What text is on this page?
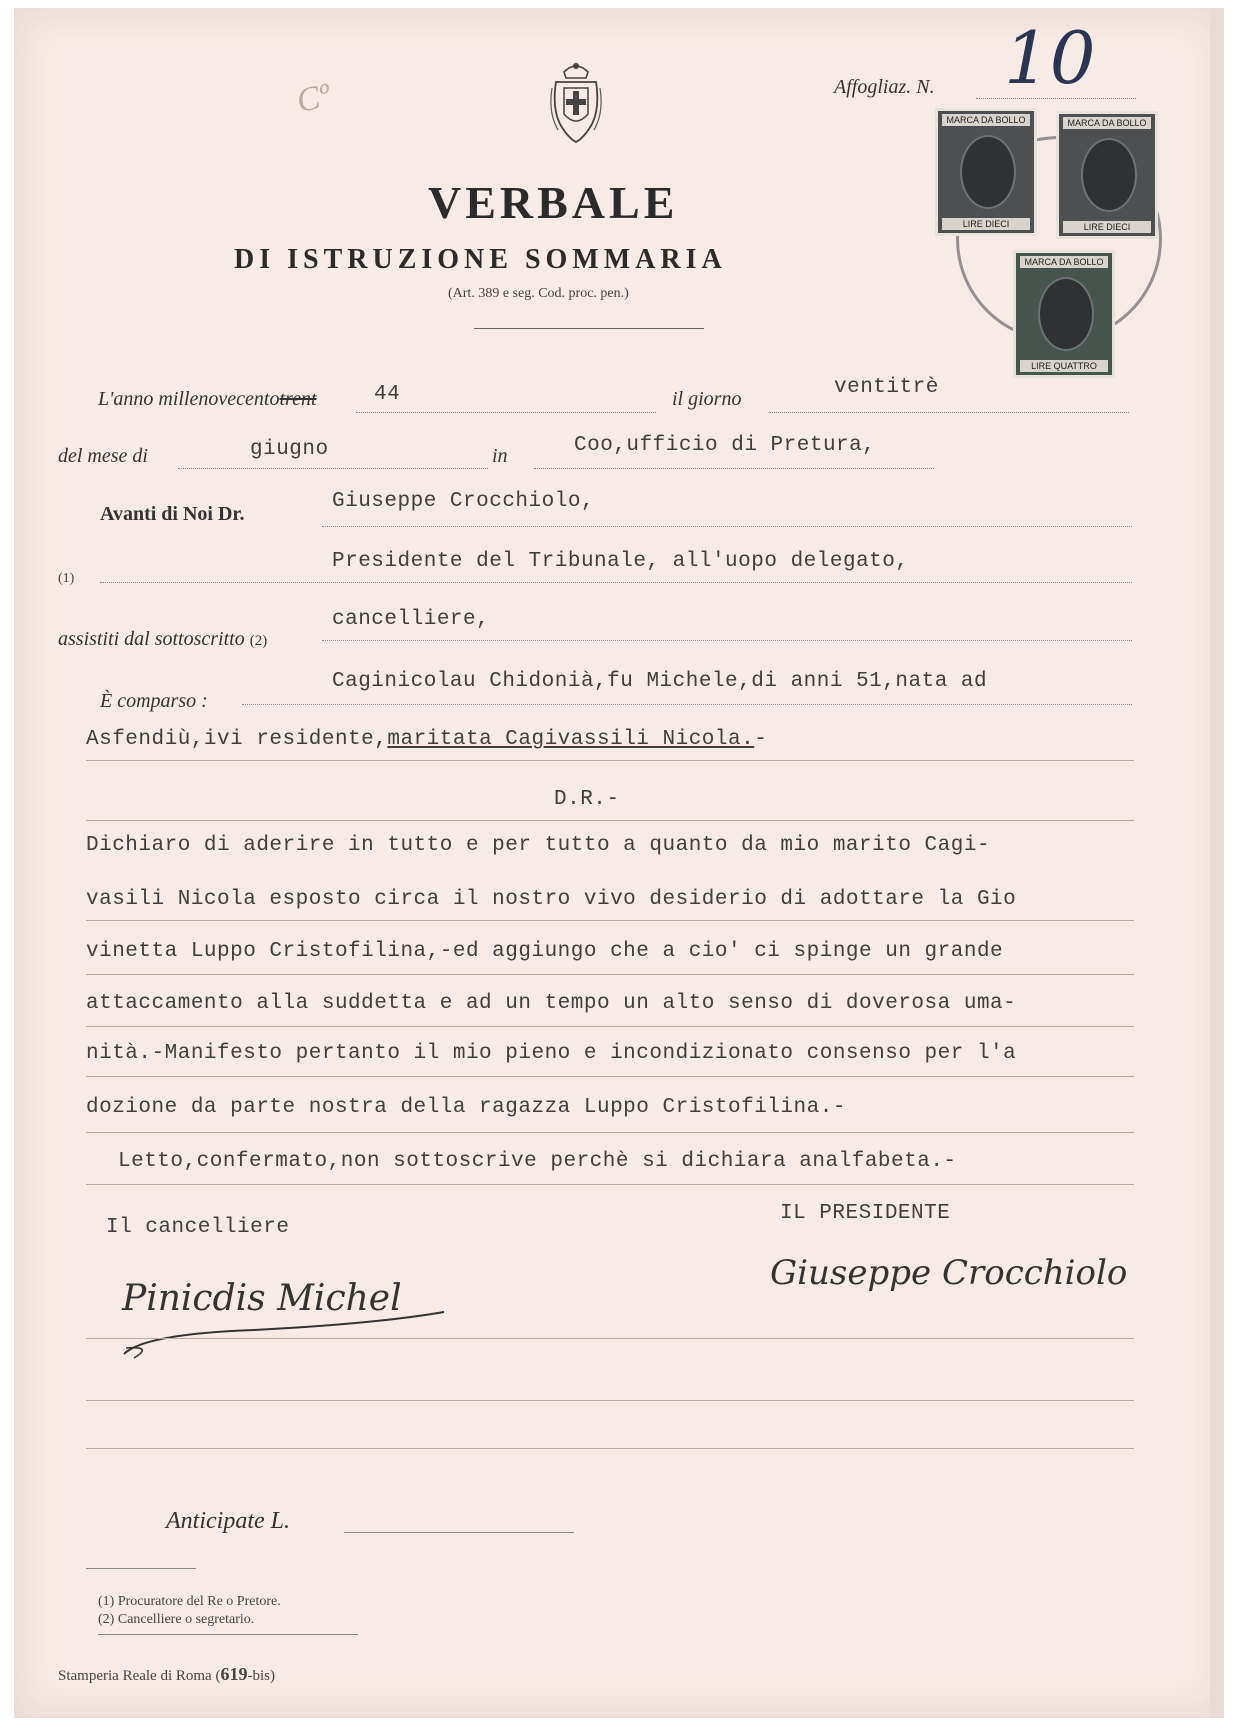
Cº	Affogliaz. N. 10
MARCA DA BOLLO
LIRE DIECI
MARCA DA BOLLO
LIRE DIECI
MARCA DA BOLLO
LIRE QUATTRO
VERBALE
DI ISTRUZIONE SOMMARIA
(Art. 389 e seg. Cod. proc. pen.)
L'anno millenovecentotrent	44	il giorno	ventitrè
del mese di	giugno	in	Coo,ufficio di Pretura,
Avanti di Noi Dr.
Giuseppe Crocchiolo,
(1)
Presidente del Tribunale, all'uopo delegato,
assistiti dal sottoscritto (2)
cancelliere,
È comparso :
Caginicolau Chidonià,fu Michele,di anni 51,nata ad
Asfendiù,ivi residente,maritata Cagivassili Nicola.-
D.R.-
Dichiaro di aderire in tutto e per tutto a quanto da mio marito Cagi-
vasili Nicola esposto circa il nostro vivo desiderio di adottare la Gio
vinetta Luppo Cristofilina,-ed aggiungo che a cio' ci spinge un grande
attaccamento alla suddetta e ad un tempo un alto senso di doverosa uma-
nità.-Manifesto pertanto il mio pieno e incondizionato consenso per l'a
dozione da parte nostra della ragazza Luppo Cristofilina.-
Letto,confermato,non sottoscrive perchè si dichiara analfabeta.-
Il cancelliere
IL PRESIDENTE
Pinicdis Michel
Giuseppe Crocchiolo
Anticipate L.
(1) Procuratore del Re o Pretore.
(2) Cancelliere o segretario.
Stamperia Reale di Roma (619-bis)
